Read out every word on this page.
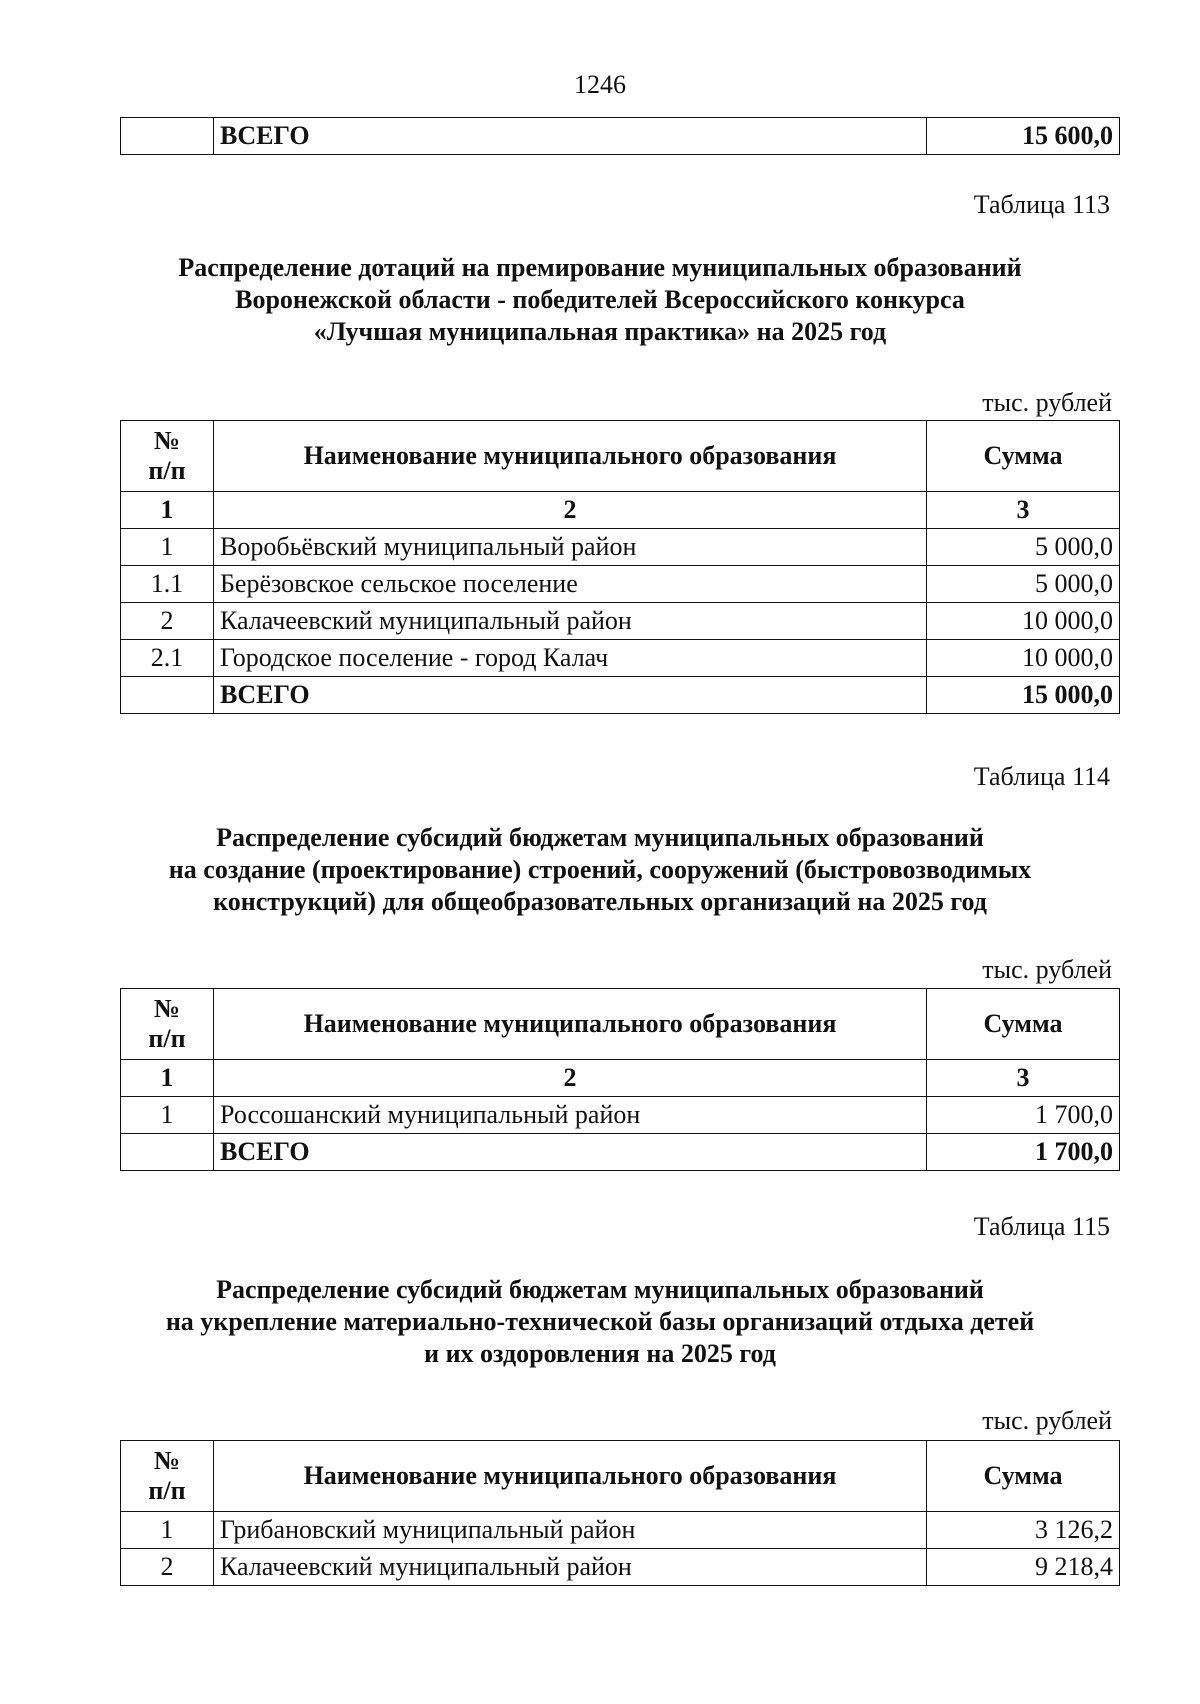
1246
	ВСЕГО	15 600,0
Таблица 113
Распределение дотаций на премирование муниципальных образований
Воронежской области - победителей Всероссийского конкурса
«Лучшая муниципальная практика» на 2025 год
тыс. рублей
№
п/п	Наименование муниципального образования	Сумма
1	2	3
1	Воробьёвский муниципальный район	5 000,0
1.1	Берёзовское сельское поселение	5 000,0
2	Калачеевский муниципальный район	10 000,0
2.1	Городское поселение - город Калач	10 000,0
	ВСЕГО	15 000,0
Таблица 114
Распределение субсидий бюджетам муниципальных образований
на создание (проектирование) строений, сооружений (быстровозводимых
конструкций) для общеобразовательных организаций на 2025 год
тыс. рублей
№
п/п	Наименование муниципального образования	Сумма
1	2	3
1	Россошанский муниципальный район	1 700,0
	ВСЕГО	1 700,0
Таблица 115
Распределение субсидий бюджетам муниципальных образований
на укрепление материально-технической базы организаций отдыха детей
и их оздоровления на 2025 год
тыс. рублей
№
п/п	Наименование муниципального образования	Сумма
1	Грибановский муниципальный район	3 126,2
2	Калачеевский муниципальный район	9 218,4
